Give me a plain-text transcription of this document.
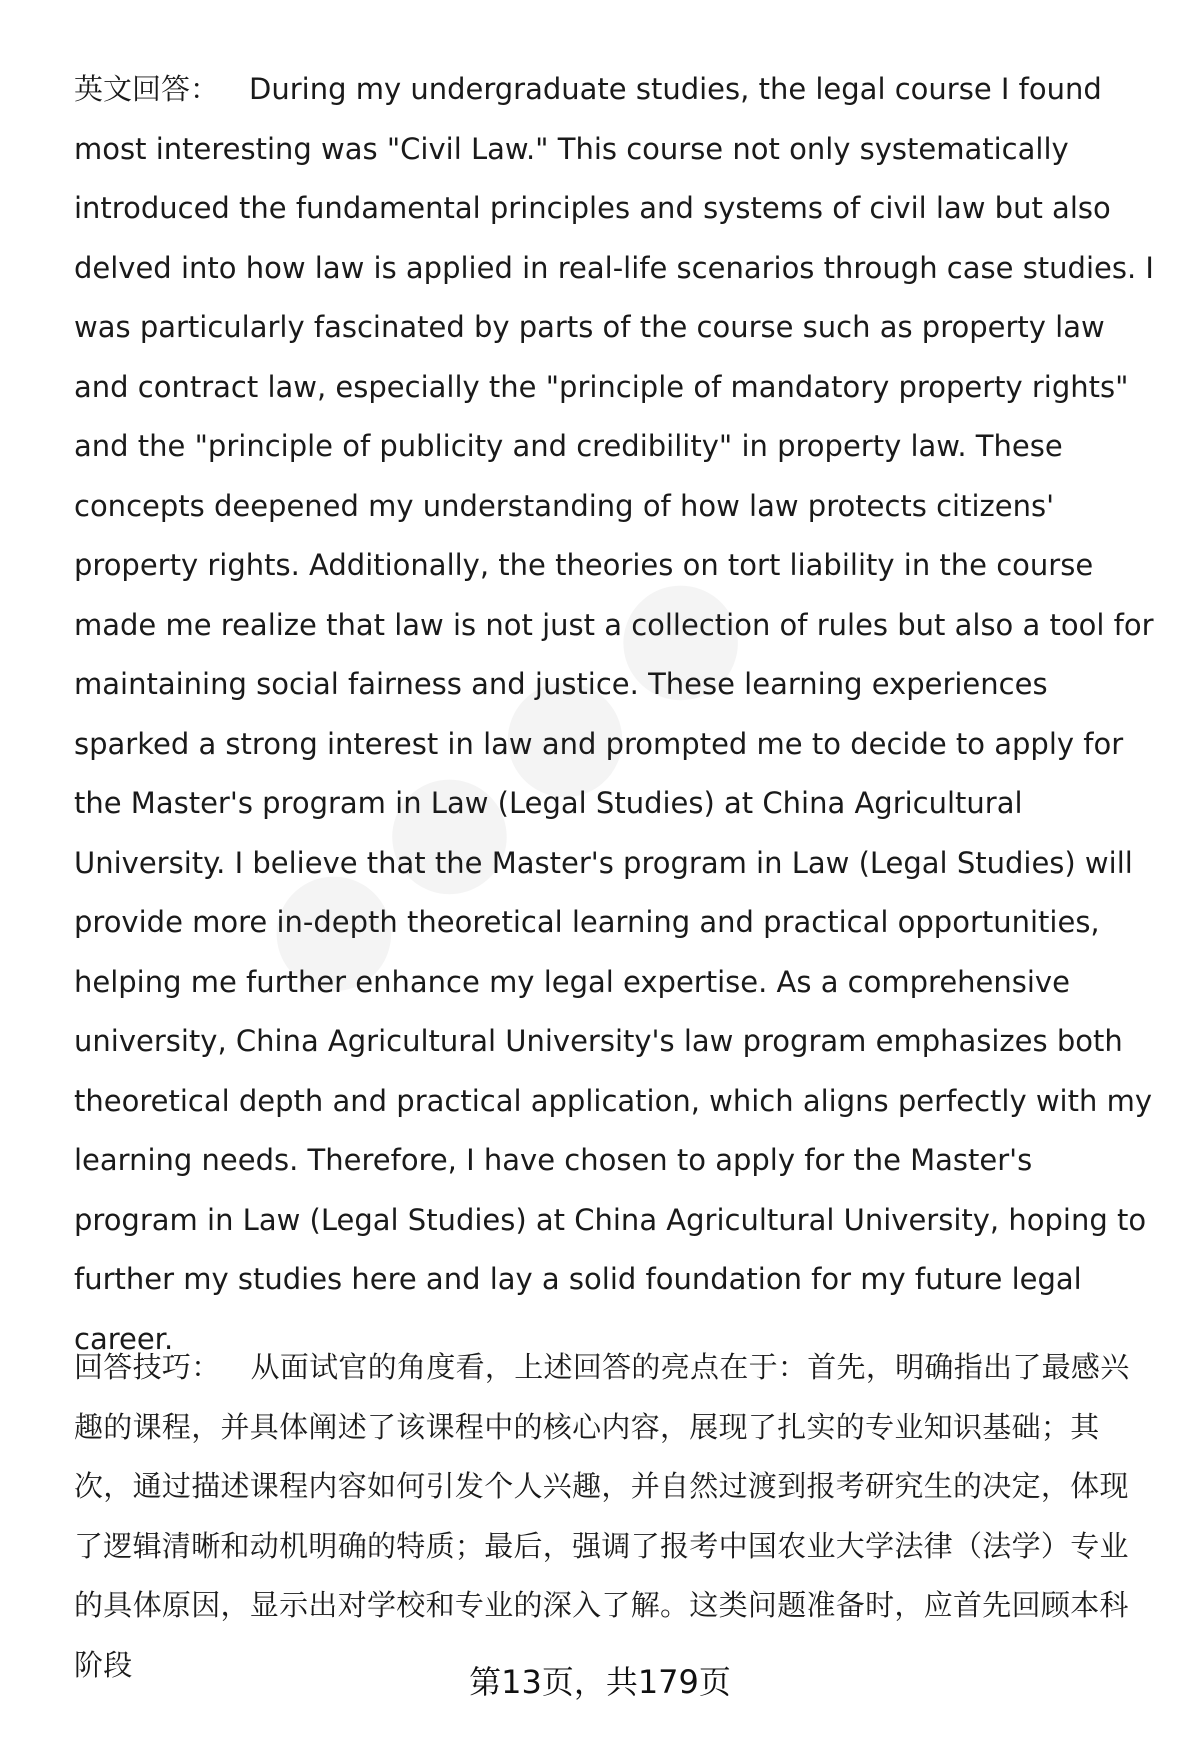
英文回答： During my undergraduate studies, the legal course I found most interesting was "Civil Law." This course not only systematically introduced the fundamental principles and systems of civil law but also delved into how law is applied in real-life scenarios through case studies. I was particularly fascinated by parts of the course such as property law and contract law, especially the "principle of mandatory property rights" and the "principle of publicity and credibility" in property law. These concepts deepened my understanding of how law protects citizens' property rights. Additionally, the theories on tort liability in the course made me realize that law is not just a collection of rules but also a tool for maintaining social fairness and justice. These learning experiences sparked a strong interest in law and prompted me to decide to apply for the Master's program in Law (Legal Studies) at China Agricultural University. I believe that the Master's program in Law (Legal Studies) will provide more in-depth theoretical learning and practical opportunities, helping me further enhance my legal expertise. As a comprehensive university, China Agricultural University's law program emphasizes both theoretical depth and practical application, which aligns perfectly with my learning needs. Therefore, I have chosen to apply for the Master's program in Law (Legal Studies) at China Agricultural University, hoping to further my studies here and lay a solid foundation for my future legal career.

回答技巧： 从面试官的角度看，上述回答的亮点在于：首先，明确指出了最感兴趣的课程，并具体阐述了该课程中的核心内容，展现了扎实的专业知识基础；其次，通过描述课程内容如何引发个人兴趣，并自然过渡到报考研究生的决定，体现了逻辑清晰和动机明确的特质；最后，强调了报考中国农业大学法律（法学）专业的具体原因，显示出对学校和专业的深入了解。这类问题准备时，应首先回顾本科阶段	第13页，共179页
